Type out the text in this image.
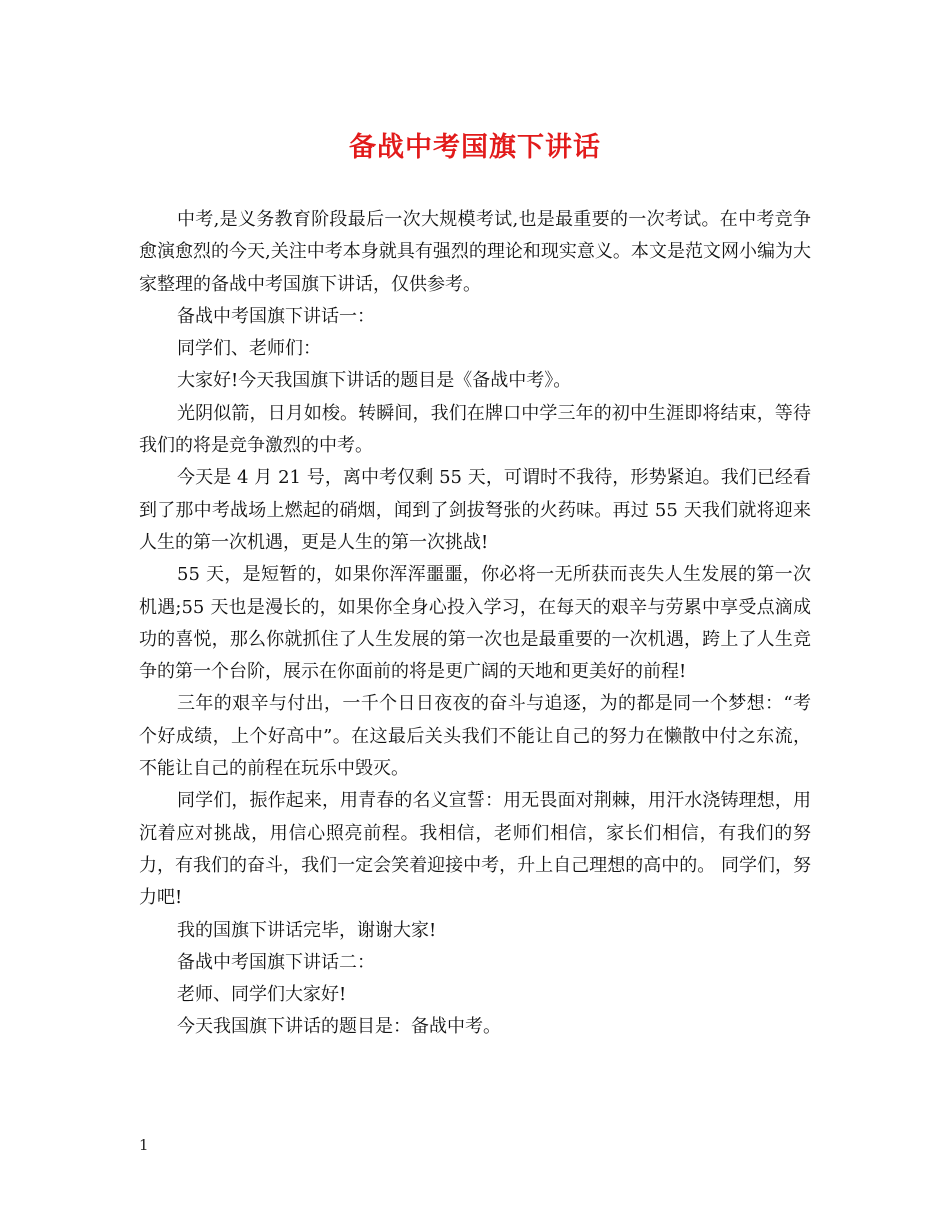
备战中考国旗下讲话

中考,是义务教育阶段最后一次大规模考试,也是最重要的一次考试。在中考竞争愈演愈烈的今天,关注中考本身就具有强烈的理论和现实意义。本文是范文网小编为大家整理的备战中考国旗下讲话，仅供参考。

备战中考国旗下讲话一：

同学们、老师们：

大家好!今天我国旗下讲话的题目是《备战中考》。

光阴似箭，日月如梭。转瞬间，我们在牌口中学三年的初中生涯即将结束，等待我们的将是竞争激烈的中考。

今天是 4 月 21 号，离中考仅剩 55 天，可谓时不我待，形势紧迫。我们已经看到了那中考战场上燃起的硝烟，闻到了剑拔弩张的火药味。再过 55 天我们就将迎来人生的第一次机遇，更是人生的第一次挑战!

55 天，是短暂的，如果你浑浑噩噩，你必将一无所获而丧失人生发展的第一次机遇;55 天也是漫长的，如果你全身心投入学习，在每天的艰辛与劳累中享受点滴成功的喜悦，那么你就抓住了人生发展的第一次也是最重要的一次机遇，跨上了人生竞争的第一个台阶，展示在你面前的将是更广阔的天地和更美好的前程!

三年的艰辛与付出，一千个日日夜夜的奋斗与追逐，为的都是同一个梦想：“考个好成绩，上个好高中”。在这最后关头我们不能让自己的努力在懒散中付之东流，不能让自己的前程在玩乐中毁灭。

同学们，振作起来，用青春的名义宣誓：用无畏面对荆棘，用汗水浇铸理想，用沉着应对挑战，用信心照亮前程。我相信，老师们相信，家长们相信，有我们的努力，有我们的奋斗，我们一定会笑着迎接中考，升上自己理想的高中的。 同学们，努力吧!

我的国旗下讲话完毕，谢谢大家!

备战中考国旗下讲话二：

老师、同学们大家好!

今天我国旗下讲话的题目是：备战中考。

1
